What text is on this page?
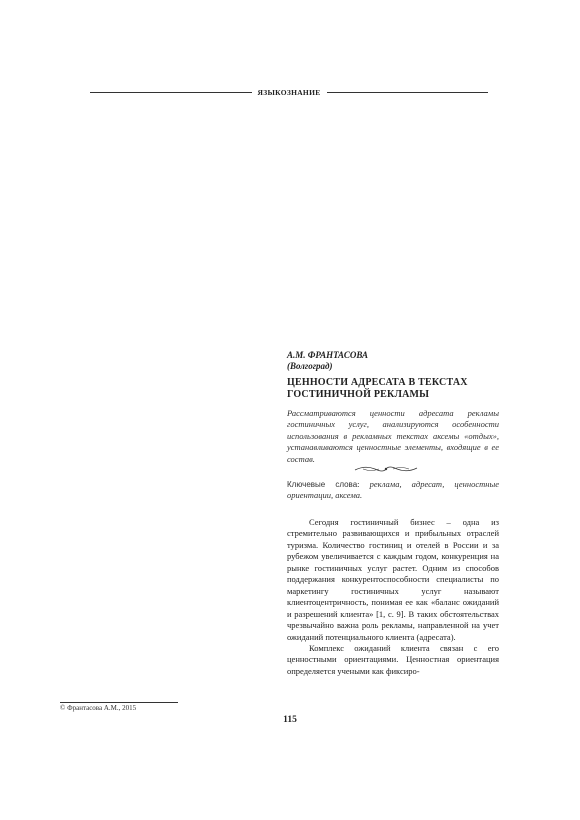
ЯЗЫКОЗНАНИЕ
А.М. ФРАНТАСОВА
(Волгоград)
ЦЕННОСТИ АДРЕСАТА В ТЕКСТАХ
ГОСТИНИЧНОЙ РЕКЛАМЫ
Рассматриваются ценности адресата рекламы гостиничных услуг, анализируются особенности использования в рекламных текстах аксемы «отдых», устанавливаются ценностные элементы, входящие в ее состав.
Ключевые слова: реклама, адресат, ценностные ориентации, аксема.

Сегодня гостиничный бизнес – одна из стремительно развивающихся и прибыльных отраслей туризма. Количество гостиниц и отелей в России и за рубежом увеличивается с каждым годом, конкуренция на рынке гостиничных услуг растет. Одним из способов поддержания конкурентоспособности специалисты по маркетингу гостиничных услуг называют клиентоцентричность, понимая ее как «баланс ожиданий и разрешений клиента» [1, с. 9]. В таких обстоятельствах чрезвычайно важна роль рекламы, направленной на учет ожиданий потенциального клиента (адресата).

Комплекс ожиданий клиента связан с его ценностными ориентациями. Ценностная ориентация определяется учеными как фиксиро-

© Франтасова А.М., 2015
115
